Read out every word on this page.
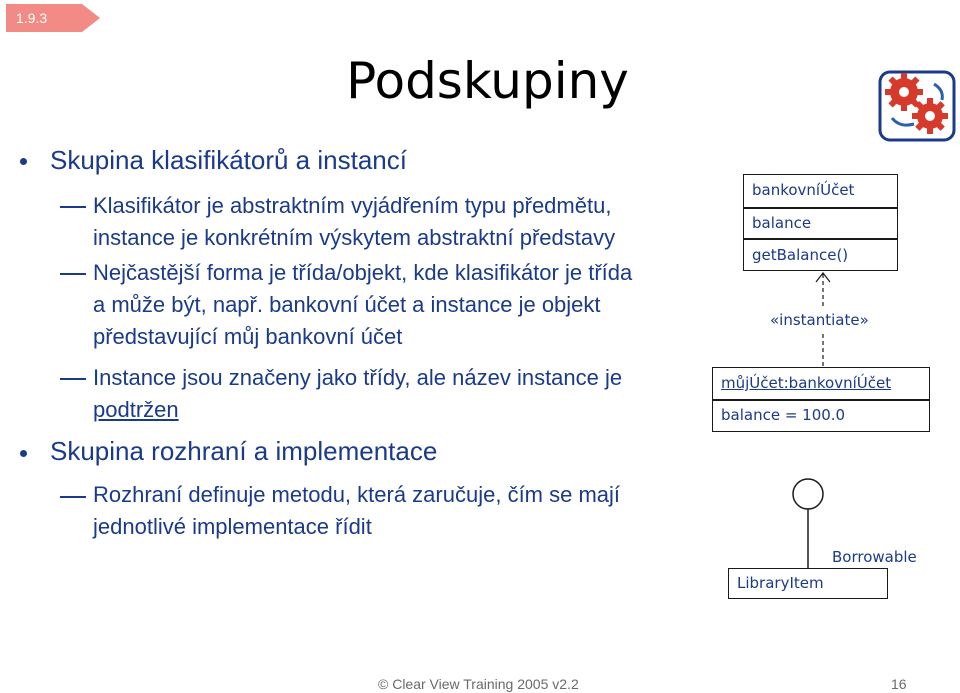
1.9.3
Podskupiny
Skupina klasifikátorů a instancí
Klasifikátor je abstraktním vyjádřením typu předmětu,
instance je konkrétním výskytem abstraktní představy
Nejčastější forma je třída/objekt, kde klasifikátor je třída
a může být, např. bankovní účet a instance je objekt
představující můj bankovní účet
Instance jsou značeny jako třídy, ale název instance je
podtržen
Skupina rozhraní a implementace
Rozhraní definuje metodu, která zaručuje, čím se mají
jednotlivé implementace řídit
bankovníÚčet
balance
getBalance()
«instantiate»
můjÚčet:bankovníÚčet
balance = 100.0
Borrowable
LibraryItem
© Clear View Training 2005 v2.2	16
